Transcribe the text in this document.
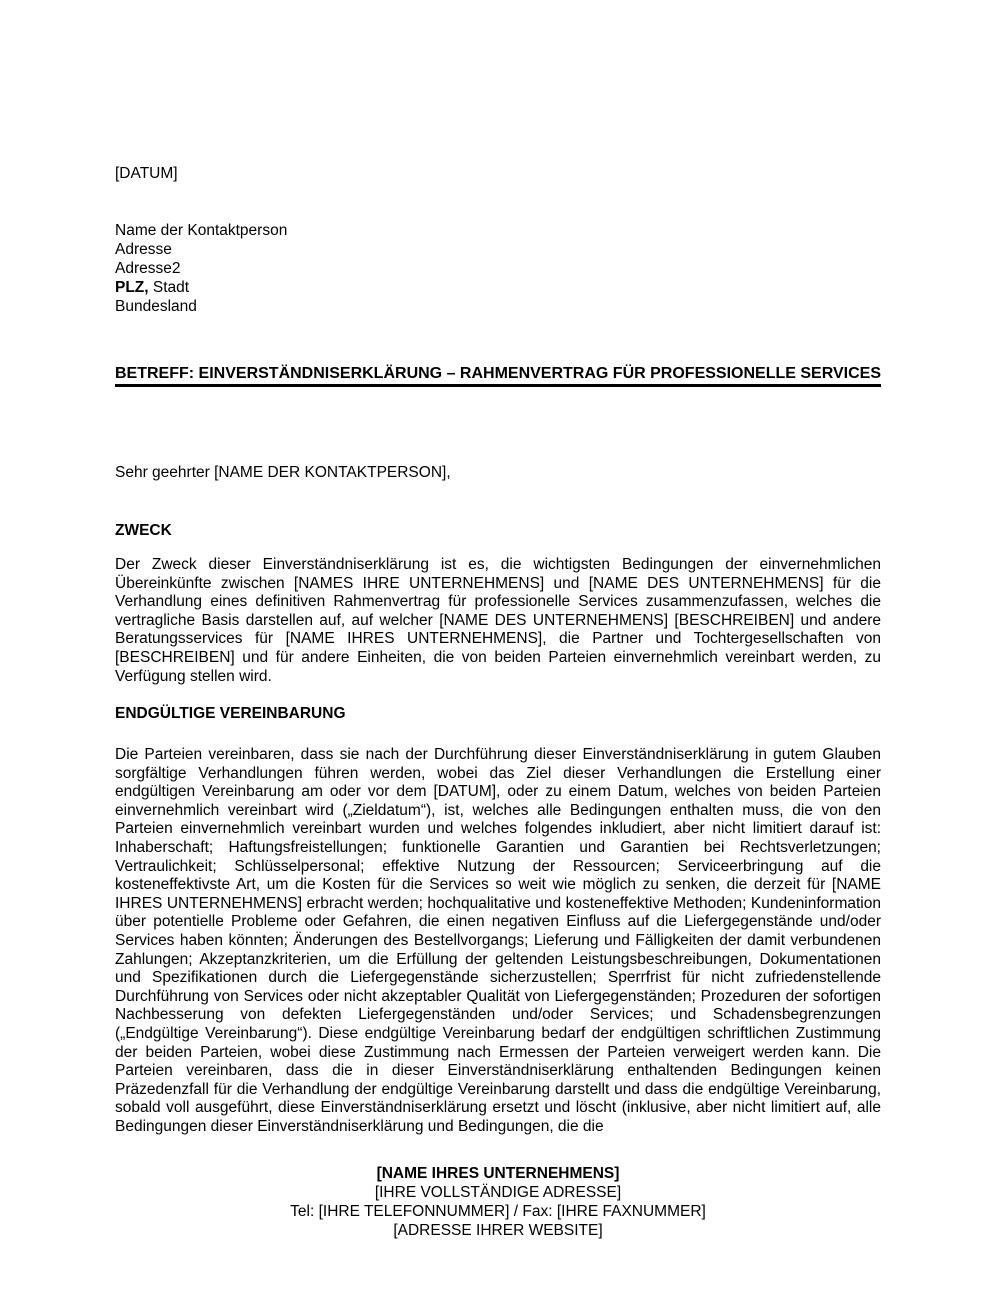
[DATUM]
Name der Kontaktperson
Adresse
Adresse2
PLZ, Stadt
Bundesland
BETREFF: EINVERSTÄNDNISERKLÄRUNG – RAHMENVERTRAG FÜR PROFESSIONELLE SERVICES
Sehr geehrter [NAME DER KONTAKTPERSON],
ZWECK

Der Zweck dieser Einverständniserklärung ist es, die wichtigsten Bedingungen der einvernehmlichen Übereinkünfte zwischen [NAMES IHRE UNTERNEHMENS] und [NAME DES UNTERNEHMENS] für die Verhandlung eines definitiven Rahmenvertrag für professionelle Services zusammenzufassen, welches die vertragliche Basis darstellen auf, auf welcher [NAME DES UNTERNEHMENS] [BESCHREIBEN] und andere Beratungsservices für [NAME IHRES UNTERNEHMENS], die Partner und Tochtergesellschaften von [BESCHREIBEN] und für andere Einheiten, die von beiden Parteien einvernehmlich vereinbart werden, zu Verfügung stellen wird.

ENDGÜLTIGE VEREINBARUNG

Die Parteien vereinbaren, dass sie nach der Durchführung dieser Einverständniserklärung in gutem Glauben sorgfältige Verhandlungen führen werden, wobei das Ziel dieser Verhandlungen die Erstellung einer endgültigen Vereinbarung am oder vor dem [DATUM], oder zu einem Datum, welches von beiden Parteien einvernehmlich vereinbart wird („Zieldatum“), ist, welches alle Bedingungen enthalten muss, die von den Parteien einvernehmlich vereinbart wurden und welches folgendes inkludiert, aber nicht limitiert darauf ist: Inhaberschaft; Haftungsfreistellungen; funktionelle Garantien und Garantien bei Rechtsverletzungen; Vertraulichkeit; Schlüsselpersonal; effektive Nutzung der Ressourcen; Serviceerbringung auf die kosteneffektivste Art, um die Kosten für die Services so weit wie möglich zu senken, die derzeit für [NAME IHRES UNTERNEHMENS] erbracht werden; hochqualitative und kosteneffektive Methoden; Kundeninformation über potentielle Probleme oder Gefahren, die einen negativen Einfluss auf die Liefergegenstände und/oder Services haben könnten; Änderungen des Bestellvorgangs; Lieferung und Fälligkeiten der damit verbundenen Zahlungen; Akzeptanzkriterien, um die Erfüllung der geltenden Leistungsbeschreibungen, Dokumentationen und Spezifikationen durch die Liefergegenstände sicherzustellen; Sperrfrist für nicht zufriedenstellende Durchführung von Services oder nicht akzeptabler Qualität von Liefergegenständen; Prozeduren der sofortigen Nachbesserung von defekten Liefergegenständen und/oder Services; und Schadensbegrenzungen („Endgültige Vereinbarung“). Diese endgültige Vereinbarung bedarf der endgültigen schriftlichen Zustimmung der beiden Parteien, wobei diese Zustimmung nach Ermessen der Parteien verweigert werden kann. Die Parteien vereinbaren, dass die in dieser Einverständniserklärung enthaltenden Bedingungen keinen Präzedenzfall für die Verhandlung der endgültige Vereinbarung darstellt und dass die endgültige Vereinbarung, sobald voll ausgeführt, diese Einverständniserklärung ersetzt und löscht (inklusive, aber nicht limitiert auf, alle Bedingungen dieser Einverständniserklärung und Bedingungen, die die

[NAME IHRES UNTERNEHMENS]
[IHRE VOLLSTÄNDIGE ADRESSE]
Tel: [IHRE TELEFONNUMMER] / Fax: [IHRE FAXNUMMER]
[ADRESSE IHRER WEBSITE]
